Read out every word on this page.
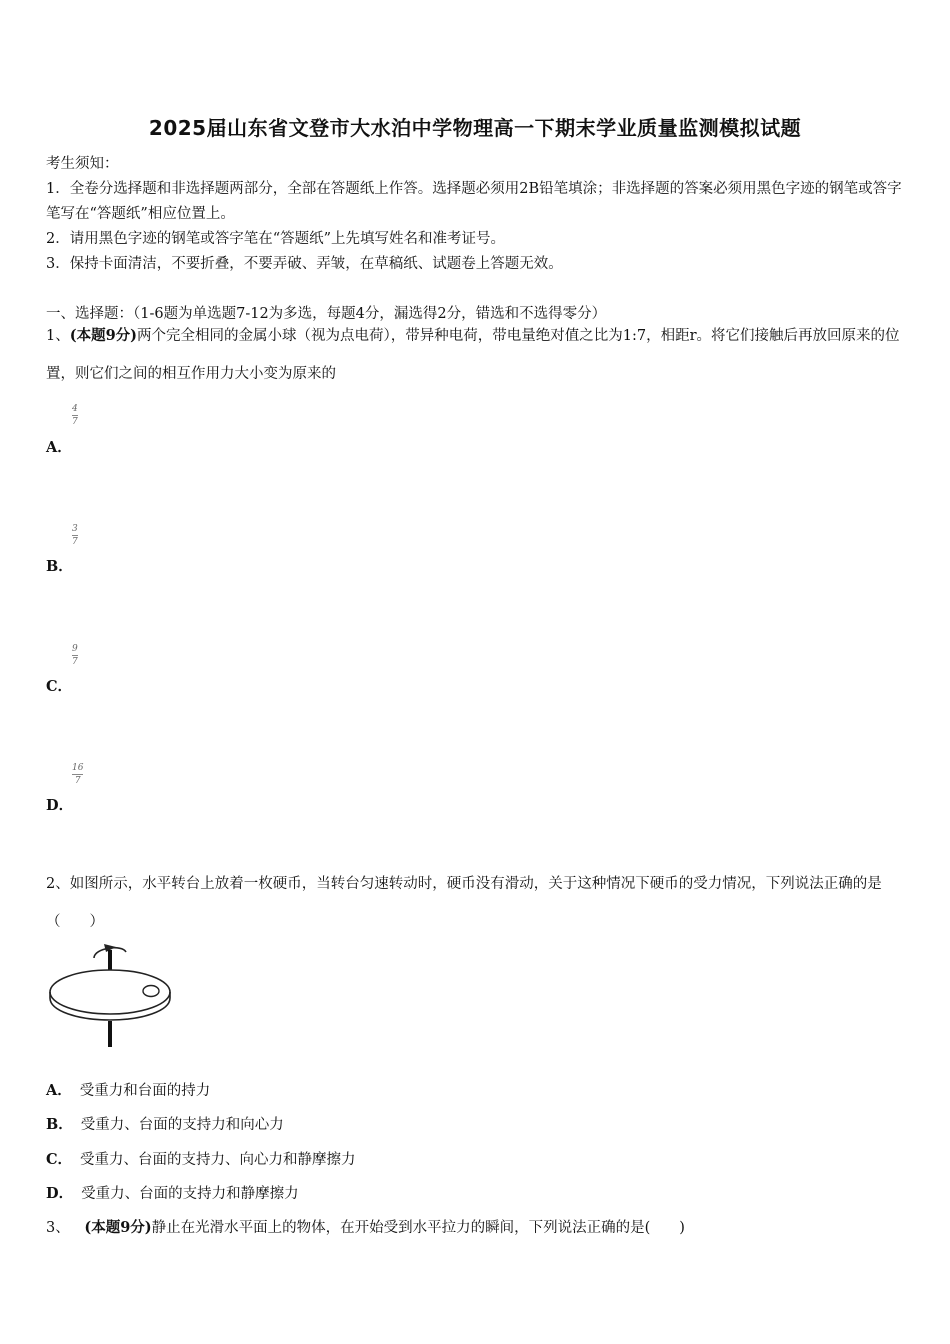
2025届山东省文登市大水泊中学物理高一下期末学业质量监测模拟试题
考生须知：
1．全卷分选择题和非选择题两部分，全部在答题纸上作答。选择题必须用2B铅笔填涂；非选择题的答案必须用黑色字迹的钢笔或答字笔写在“答题纸”相应位置上。
2．请用黑色字迹的钢笔或答字笔在“答题纸”上先填写姓名和准考证号。
3．保持卡面清洁，不要折叠，不要弄破、弄皱，在草稿纸、试题卷上答题无效。
一、选择题：（1-6题为单选题7-12为多选，每题4分，漏选得2分，错选和不选得零分）
1、(本题9分)两个完全相同的金属小球（视为点电荷），带异种电荷，带电量绝对值之比为1:7，相距r。将它们接触后再放回原来的位置，则它们之间的相互作用力大小变为原来的
4
7
A．
3
7
B．
9
7
C．
16
7
D．
2、如图所示，水平转台上放着一枚硬币，当转台匀速转动时，硬币没有滑动，关于这种情况下硬币的受力情况，下列说法正确的是（　　）
A． 受重力和台面的持力
B． 受重力、台面的支持力和向心力
C． 受重力、台面的支持力、向心力和静摩擦力
D． 受重力、台面的支持力和静摩擦力
3、 (本题9分)静止在光滑水平面上的物体，在开始受到水平拉力的瞬间，下列说法正确的是(　　)
